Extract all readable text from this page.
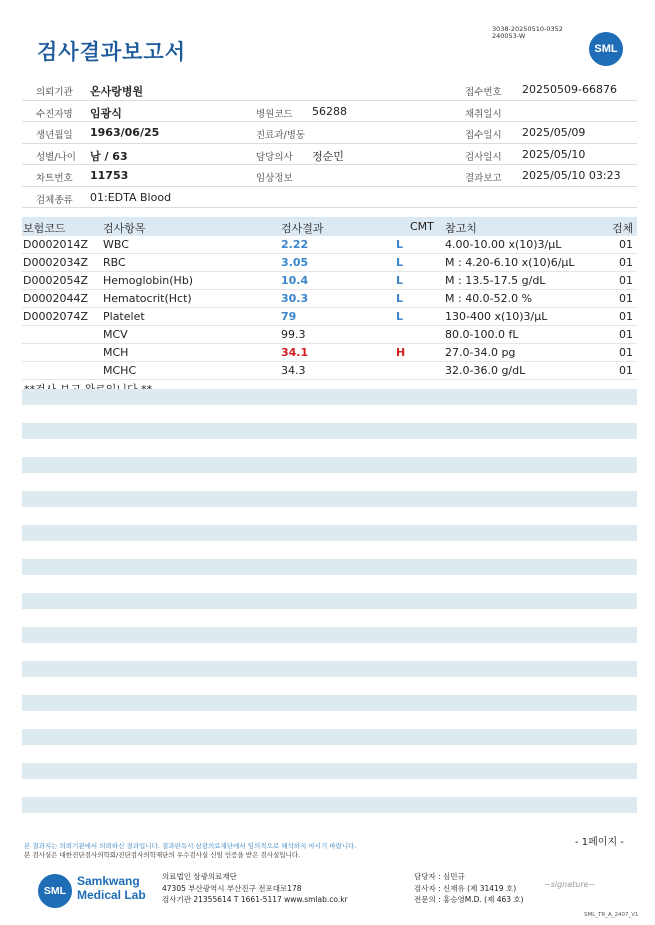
검사결과보고서
3038-20250510-0352
240053-W
SML
의뢰기관 온사랑병원	접수번호 20250509-66876
수진자명 임광식	병원코드 56288	채취일시
생년월일 1963/06/25	진료과/병동	접수일시 2025/05/09
성별/나이 남 / 63	담당의사 정순민	검사일시 2025/05/10
차트번호 11753	임상정보	결과보고 2025/05/10 03:23
검체종류 01:EDTA Blood
보험코드	검사항목	검사결과	CMT 참고치	검체
D0002014Z WBC	2.22	L	4.00-10.00 x(10)3/μL	01
D0002034Z RBC	3.05	L	M : 4.20-6.10 x(10)6/μL	01
D0002054Z Hemoglobin(Hb)	10.4	L	M : 13.5-17.5 g/dL	01
D0002044Z Hematocrit(Hct)	30.3	L	M : 40.0-52.0 %	01
D0002074Z Platelet	79	L	130-400 x(10)3/μL	01
MCV	99.3	80.0-100.0 fL	01
MCH	34.1	H	27.0-34.0 pg	01
MCHC	34.3	32.0-36.0 g/dL	01
- 1페이지 -
본 결과지는 의뢰기관에서 의뢰하신 결과입니다. 결과판독시 삼광의료재단에서 임의적으로 해석하지 마시기 바랍니다.
본 검사실은 대한진단검사의학회/진단검사의학재단의 우수검사실 신임 인증을 받은 검사실입니다.
SML
Samkwang
Medical Lab
의료법인 삼광의료재단
47305 부산광역시 부산진구 전포대로178
검사기관 21355614 T 1661-5117 www.smlab.co.kr
담당자 : 심민규
검사자 : 신재유 (제 31419 호)
전문의 : 홍승영M.D. (제 463 호)
~signature~
SML_TR_A_2407_V1
